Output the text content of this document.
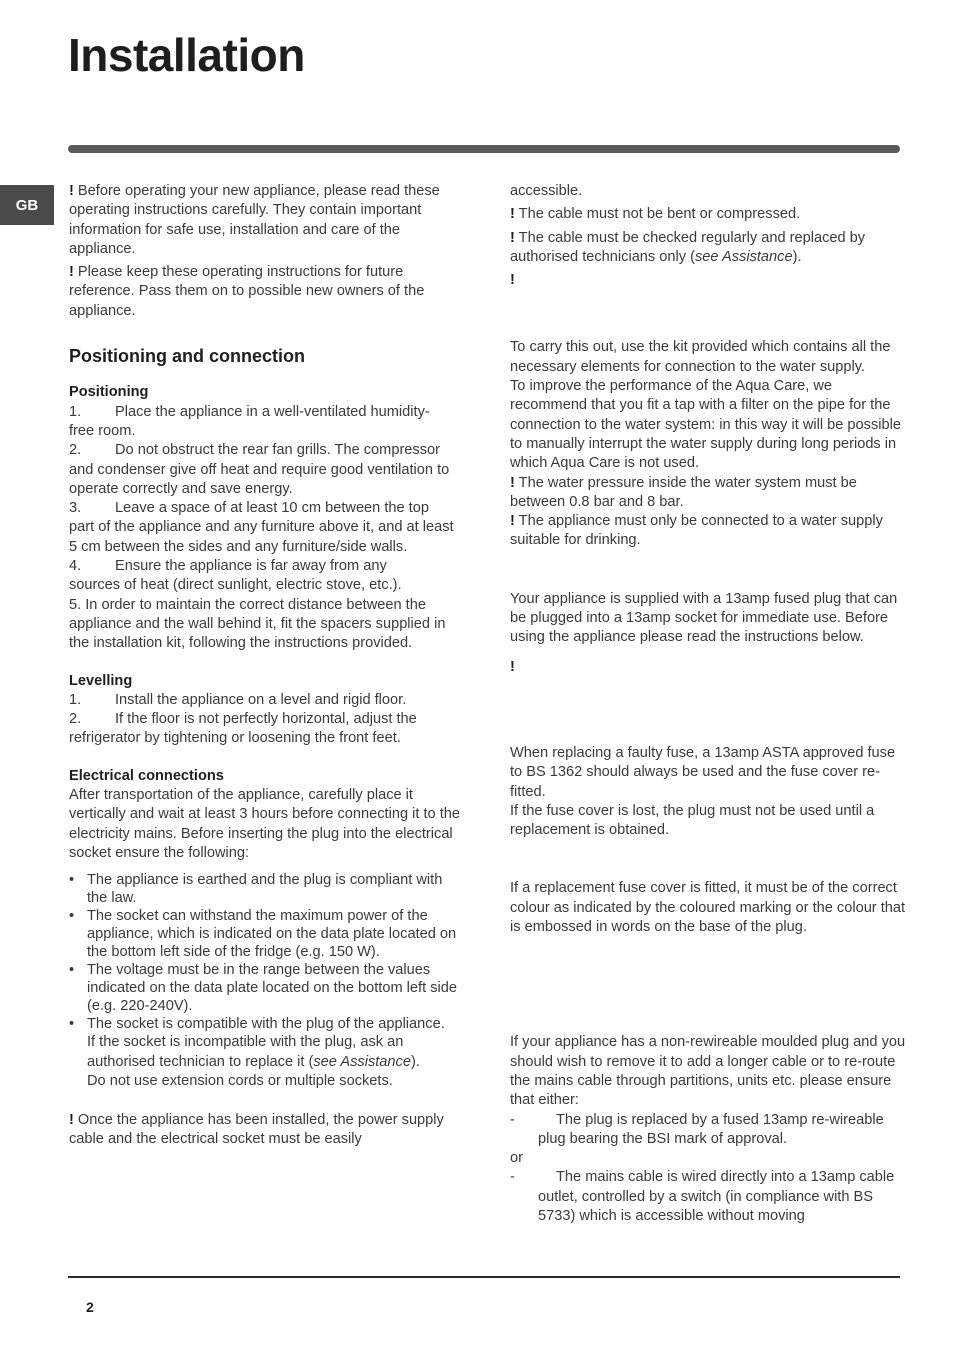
Installation
GB

! Before operating your new appliance, please read these operating instructions carefully. They contain important information for safe use, installation and care of the appliance.

! Please keep these operating instructions for future reference. Pass them on to possible new owners of the appliance.

Positioning and connection
Positioning
1.	Place the appliance in a well-ventilated humidity-
free room.
2.	Do not obstruct the rear fan grills. The compressor
and condenser give off heat and require good ventilation to operate correctly and save energy.
3.	Leave a space of at least 10 cm between the top
part of the appliance and any furniture above it, and at least 5 cm between the sides and any furniture/side walls.
4.	Ensure the appliance is far away from any
sources of heat (direct sunlight, electric stove, etc.).

5. In order to maintain the correct distance between the appliance and the wall behind it, fit the spacers supplied in the installation kit, following the instructions provided.

Levelling
1.	Install the appliance on a level and rigid floor.
2.	If the floor is not perfectly horizontal, adjust the
refrigerator by tightening or loosening the front feet.
Electrical connections

After transportation of the appliance, carefully place it vertically and wait at least 3 hours before connecting it to the electricity mains. Before inserting the plug into the electrical socket ensure the following:

• The appliance is earthed and the plug is compliant with the law.
• The socket can withstand the maximum power of the appliance, which is indicated on the data plate located on the bottom left side of the fridge (e.g. 150 W).
• The voltage must be in the range between the values indicated on the data plate located on the bottom left side (e.g. 220-240V).
• The socket is compatible with the plug of the appliance.
If the socket is incompatible with the plug, ask an authorised technician to replace it (see Assistance).
Do not use extension cords or multiple sockets.

! Once the appliance has been installed, the power supply cable and the electrical socket must be easily

accessible.

! The cable must not be bent or compressed.

! The cable must be checked regularly and replaced by authorised technicians only (see Assistance).

!

To carry this out, use the kit provided which contains all the necessary elements for connection to the water supply.

To improve the performance of the Aqua Care, we recommend that you fit a tap with a filter on the pipe for the connection to the water system: in this way it will be possible to manually interrupt the water supply during long periods in which Aqua Care is not used.

! The water pressure inside the water system must be between 0.8 bar and 8 bar.

! The appliance must only be connected to a water supply suitable for drinking.

Your appliance is supplied with a 13amp fused plug that can be plugged into a 13amp socket for immediate use. Before using the appliance please read the instructions below.

!

When replacing a faulty fuse, a 13amp ASTA approved fuse to BS 1362 should always be used and the fuse cover re-fitted.

If the fuse cover is lost, the plug must not be used until a replacement is obtained.

If a replacement fuse cover is fitted, it must be of the correct colour as indicated by the coloured marking or the colour that is embossed in words on the base of the plug.

If your appliance has a non-rewireable moulded plug and you should wish to remove it to add a longer cable or to re-route the mains cable through partitions, units etc. please ensure that either:

-	The plug is replaced by a fused 13amp re-wireable plug bearing the BSI mark of approval.
or
-	The mains cable is wired directly into a 13amp cable outlet, controlled by a switch (in compliance with BS 5733) which is accessible without moving
2
